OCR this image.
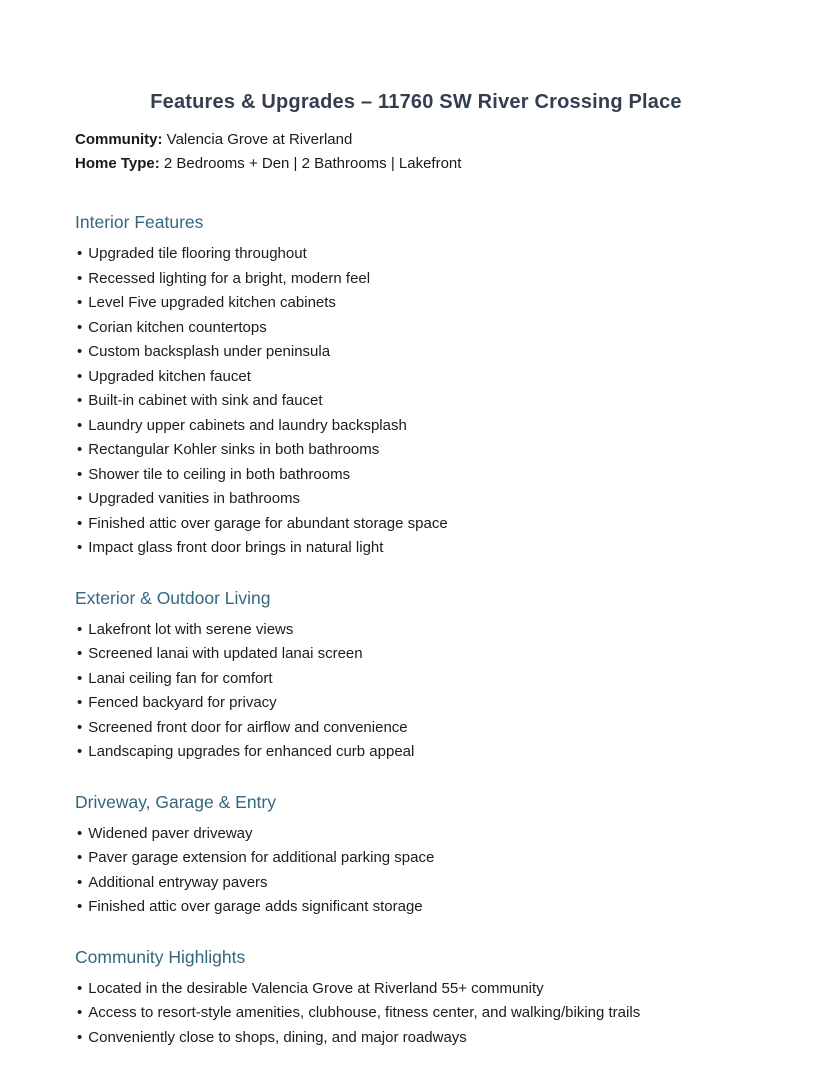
Features & Upgrades – 11760 SW River Crossing Place
Community: Valencia Grove at Riverland
Home Type: 2 Bedrooms + Den | 2 Bathrooms | Lakefront
Interior Features
• Upgraded tile flooring throughout
• Recessed lighting for a bright, modern feel
• Level Five upgraded kitchen cabinets
• Corian kitchen countertops
• Custom backsplash under peninsula
• Upgraded kitchen faucet
• Built-in cabinet with sink and faucet
• Laundry upper cabinets and laundry backsplash
• Rectangular Kohler sinks in both bathrooms
• Shower tile to ceiling in both bathrooms
• Upgraded vanities in bathrooms
• Finished attic over garage for abundant storage space
• Impact glass front door brings in natural light
Exterior & Outdoor Living
• Lakefront lot with serene views
• Screened lanai with updated lanai screen
• Lanai ceiling fan for comfort
• Fenced backyard for privacy
• Screened front door for airflow and convenience
• Landscaping upgrades for enhanced curb appeal
Driveway, Garage & Entry
• Widened paver driveway
• Paver garage extension for additional parking space
• Additional entryway pavers
• Finished attic over garage adds significant storage
Community Highlights
• Located in the desirable Valencia Grove at Riverland 55+ community
• Access to resort-style amenities, clubhouse, fitness center, and walking/biking trails
• Conveniently close to shops, dining, and major roadways
